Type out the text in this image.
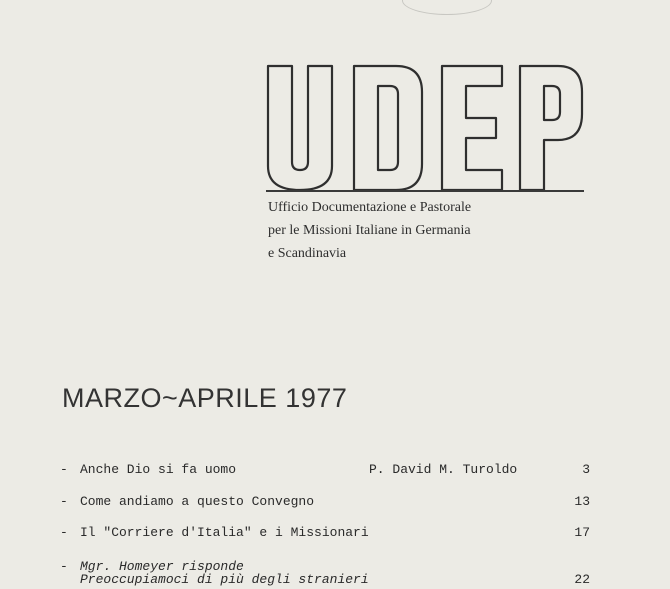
Ufficio Documentazione e Pastorale
per le Missioni Italiane in Germania
e Scandinavia
MARZO~APRILE 1977
- Anche Dio si fa uomo	P. David M. Turoldo	3
- Come andiamo a questo Convegno	13
- Il "Corriere d'Italia" e i Missionari	17
- Mgr. Homeyer risponde
Preoccupiamoci di più degli stranieri	22
